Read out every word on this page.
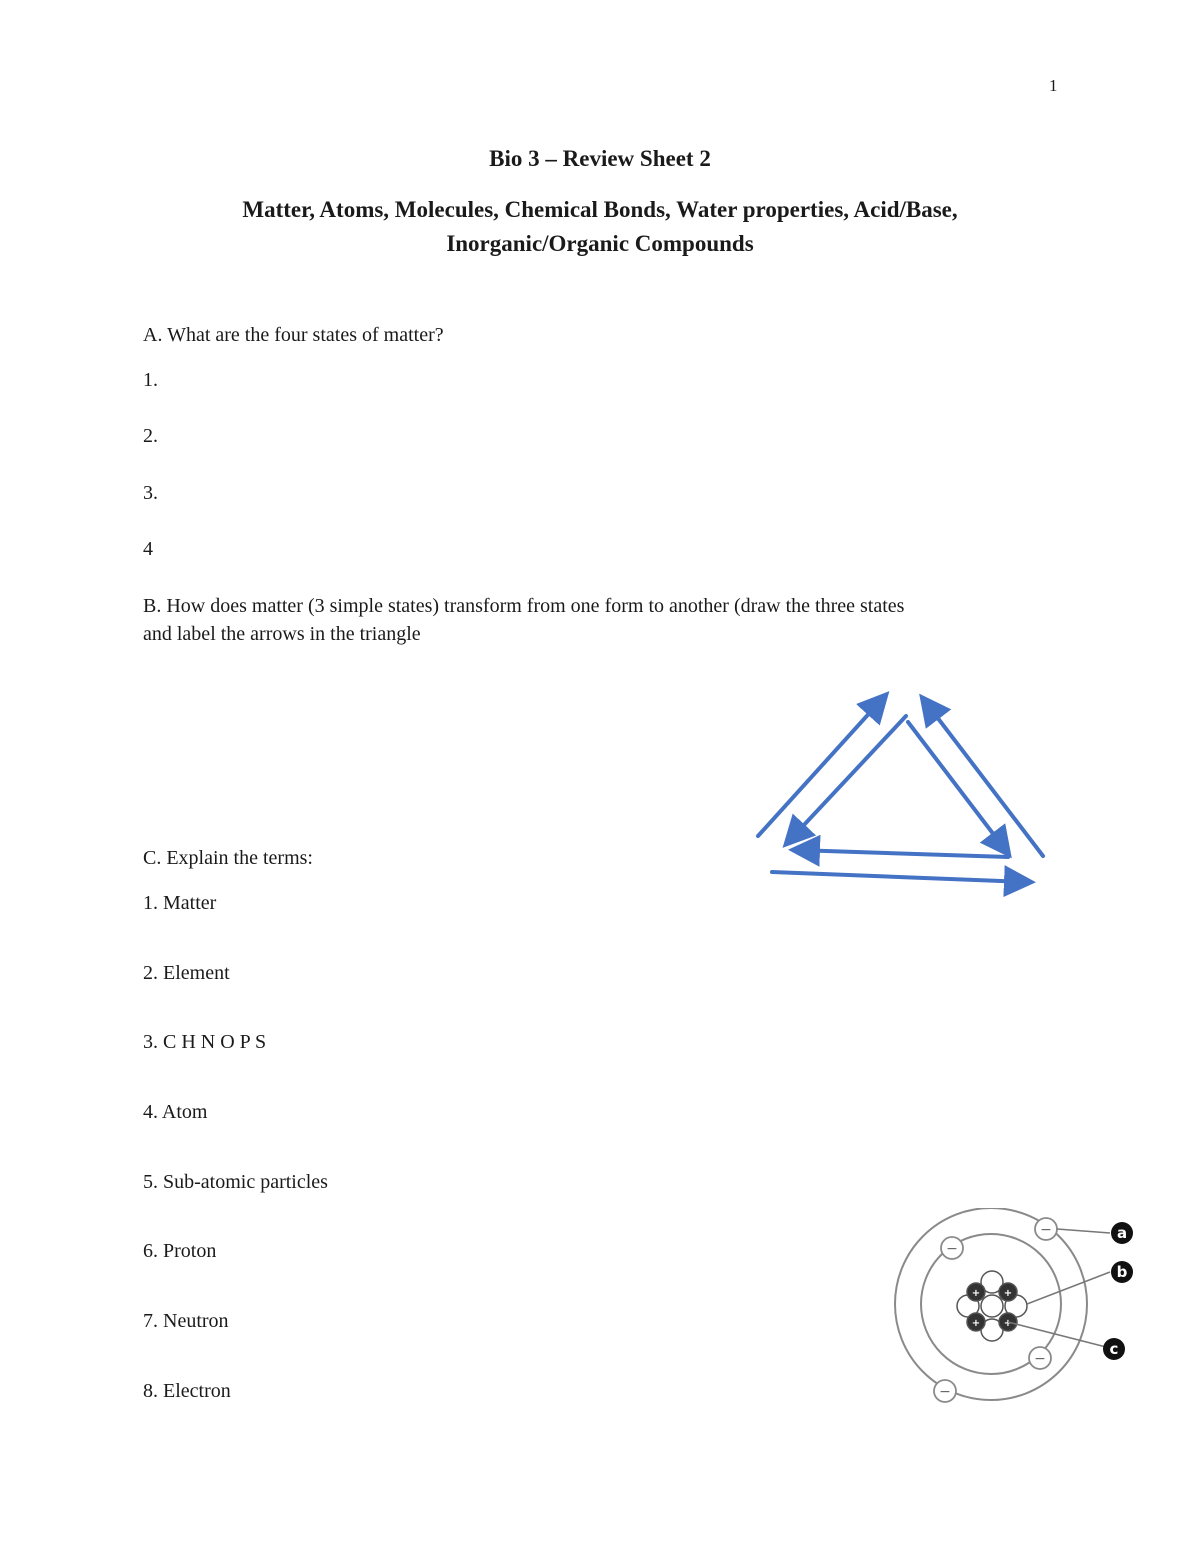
1
Bio 3 – Review Sheet 2
Matter, Atoms, Molecules, Chemical Bonds, Water properties, Acid/Base,
Inorganic/Organic Compounds
A. What are the four states of matter?
1.
2.
3.
4
B. How does matter (3 simple states) transform from one form to another (draw the three states
and label the arrows in the triangle
C. Explain the terms:
1. Matter
2. Element
3. C H N O P S
4. Atom
5. Sub-atomic particles
6. Proton
7. Neutron
8. Electron
+ +
+ +
−
−
−
−
a
b
c
